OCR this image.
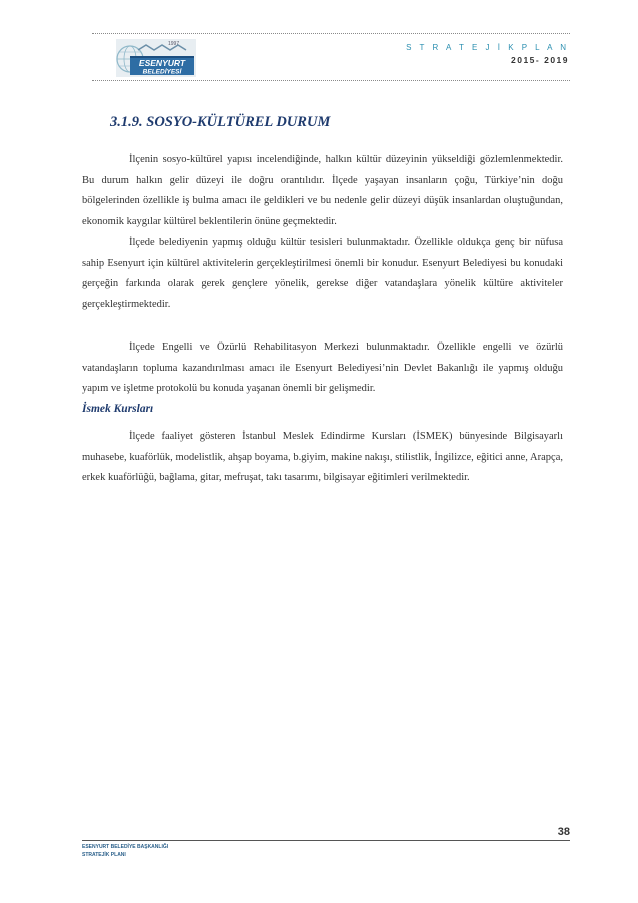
1997
ESENYURT
BELEDİYESİ
S T R A T E J İ K P L A N
2015- 2019
3.1.9. SOSYO-KÜLTÜREL DURUM

İlçenin sosyo-kültürel yapısı incelendiğinde, halkın kültür düzeyinin yükseldiği gözlemlenmektedir. Bu durum halkın gelir düzeyi ile doğru orantılıdır. İlçede yaşayan insanların çoğu, Türkiye’nin doğu bölgelerinden özellikle iş bulma amacı ile geldikleri ve bu nedenle gelir düzeyi düşük insanlardan oluştuğundan, ekonomik kaygılar kültürel beklentilerin önüne geçmektedir.

İlçede belediyenin yapmış olduğu kültür tesisleri bulunmaktadır. Özellikle oldukça genç bir nüfusa sahip Esenyurt için kültürel aktivitelerin gerçekleştirilmesi önemli bir konudur. Esenyurt Belediyesi bu konudaki gerçeğin farkında olarak gerek gençlere yönelik, gerekse diğer vatandaşlara yönelik kültüre aktiviteler gerçekleştirmektedir.

İlçede Engelli ve Özürlü Rehabilitasyon Merkezi bulunmaktadır. Özellikle engelli ve özürlü vatandaşların topluma kazandırılması amacı ile Esenyurt Belediyesi’nin Devlet Bakanlığı ile yapmış olduğu yapım ve işletme protokolü bu konuda yaşanan önemli bir gelişmedir.

İsmek Kursları

İlçede faaliyet gösteren İstanbul Meslek Edindirme Kursları (İSMEK) bünyesinde Bilgisayarlı muhasebe, kuaförlük, modelistlik, ahşap boyama, b.giyim, makine nakışı, stilistlik, İngilizce, eğitici anne, Arapça, erkek kuaförlüğü, bağlama, gitar, mefruşat, takı tasarımı, bilgisayar eğitimleri verilmektedir.

38
ESENYURT BELEDİYE BAŞKANLIĞI
STRATEJİK PLANI
